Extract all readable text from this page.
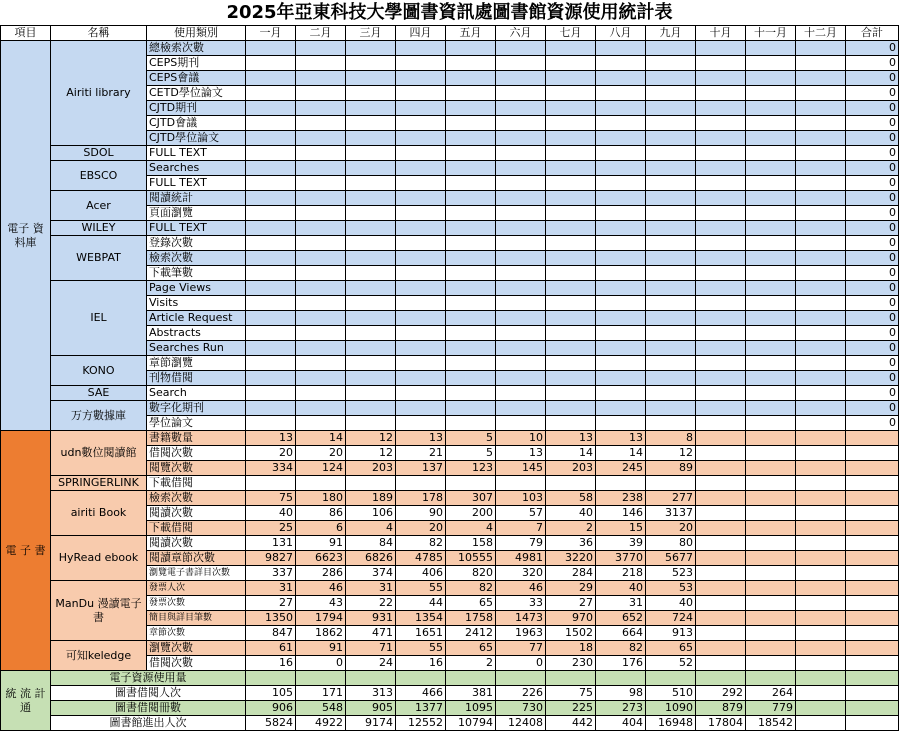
2025年亞東科技大學圖書資訊處圖書館資源使用統計表
項目	名稱	使用類別	一月	二月	三月	四月	五月	六月	七月	八月	九月	十月	十一月	十二月	合計
電子 資料庫	Airiti library	總檢索次數													0
		CEPS期刊													0
		CEPS會議													0
		CETD學位論文													0
		CJTD期刊													0
		CJTD會議													0
		CJTD學位論文													0
	SDOL	FULL TEXT													0
	EBSCO	Searches													0
		FULL TEXT													0
	Acer	閱讀統計													0
		頁面瀏覽													0
	WILEY	FULL TEXT													0
	WEBPAT	登錄次數													0
		檢索次數													0
		下載筆數													0
	IEL	Page Views													0
		Visits													0
		Article Request													0
		Abstracts													0
		Searches Run													0
	KONO	章節瀏覽													0
		刊物借閱													0
	SAE	Search													0
	万方數據庫	數字化期刊													0
		學位論文													0
電 子 書	udn數位閱讀館	書籍數量	13	14	12	13	5	10	13	13	8				
		借閱次數	20	20	12	21	5	13	14	14	12				
		閱覽次數	334	124	203	137	123	145	203	245	89				
	SPRINGERLINK	下載借閱													
	airiti Book	檢索次數	75	180	189	178	307	103	58	238	277				
		閱讀次數	40	86	106	90	200	57	40	146	3137				
		下載借閱	25	6	4	20	4	7	2	15	20				
	HyRead ebook	閱讀次數	131	91	84	82	158	79	36	39	80				
		閱讀章節次數	9827	6623	6826	4785	10555	4981	3220	3770	5677				
		瀏覽電子書詳目次數	337	286	374	406	820	320	284	218	523				
	ManDu 漫讀電子書	發票人次	31	46	31	55	82	46	29	40	53				
		發票次數	27	43	22	44	65	33	27	31	40				
		簡目與詳目筆數	1350	1794	931	1354	1758	1473	970	652	724				
		章節次數	847	1862	471	1651	2412	1963	1502	664	913				
	可知keledge	瀏覽次數	61	91	71	55	65	77	18	82	65				
		借閱次數	16	0	24	16	2	0	230	176	52				
統 流 計 通	電子資源使用量														
	圖書借閱人次		105	171	313	466	381	226	75	98	510	292	264		
	圖書借閱冊數		906	548	905	1377	1095	730	225	273	1090	879	779		
	圖書館進出人次		5824	4922	9174	12552	10794	12408	442	404	16948	17804	18542		
